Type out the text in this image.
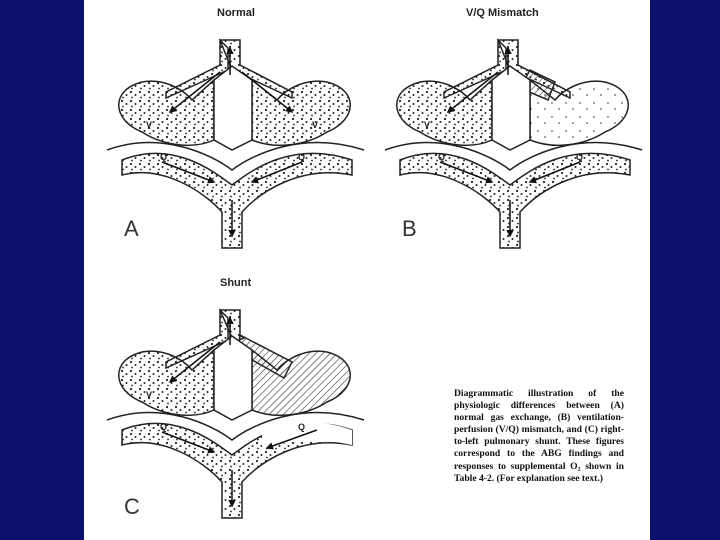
Normal
V	V
Q	Q
A
V/Q Mismatch
V
Q	Q
B
Shunt
V
Q	Q
C
Diagrammatic illustration of the physiologic differences between (A) normal gas exchange, (B) ventilation-perfusion (V/Q) mismatch, and (C) right-to-left pulmonary shunt. These figures correspond to the ABG findings and responses to supplemental O₂ shown in Table 4-2. (For explanation see text.)
